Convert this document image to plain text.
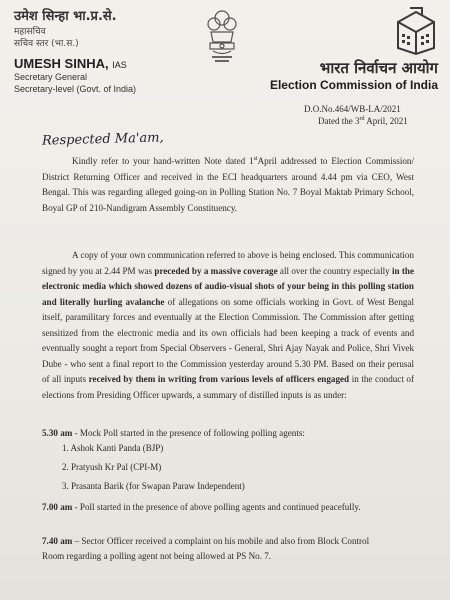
उमेश सिन्हा भा.प्र.से.
महासचिव
सचिव स्तर (भा.स.)
UMESH SINHA, IAS
Secretary General
Secretary-level (Govt. of India)
भारत निर्वाचन आयोग
Election Commission of India
D.O.No.464/WB-LA/2021
Dated the 3rd April, 2021
Respected Ma'am,

Kindly refer to your hand-written Note dated 1stApril addressed to Election Commission/ District Returning Officer and received in the ECI headquarters around 4.44 pm via CEO, West Bengal. This was regarding alleged going-on in Polling Station No. 7 Boyal Maktab Primary School, Boyal GP of 210-Nandigram Assembly Constituency.

A copy of your own communication referred to above is being enclosed. This communication signed by you at 2.44 PM was preceded by a massive coverage all over the country especially in the electronic media which showed dozens of audio-visual shots of your being in this polling station and literally hurling avalanche of allegations on some officials working in Govt. of West Bengal itself, paramilitary forces and eventually at the Election Commission. The Commission after getting sensitized from the electronic media and its own officials had been keeping a track of events and eventually sought a report from Special Observers - General, Shri Ajay Nayak and Police, Shri Vivek Dube - who sent a final report to the Commission yesterday around 5.30 PM. Based on their perusal of all inputs received by them in writing from various levels of officers engaged in the conduct of elections from Presiding Officer upwards, a summary of distilled inputs is as under:

5.30 am - Mock Poll started in the presence of following polling agents:
1. Ashok Kanti Panda (BJP)
2. Pratyush Kr Pal (CPI-M)
3. Prasanta Barik (for Swapan Paraw Independent)
7.00 am - Poll started in the presence of above polling agents and continued peacefully.
7.40 am – Sector Officer received a complaint on his mobile and also from Block Control
Room regarding a polling agent not being allowed at PS No. 7.
